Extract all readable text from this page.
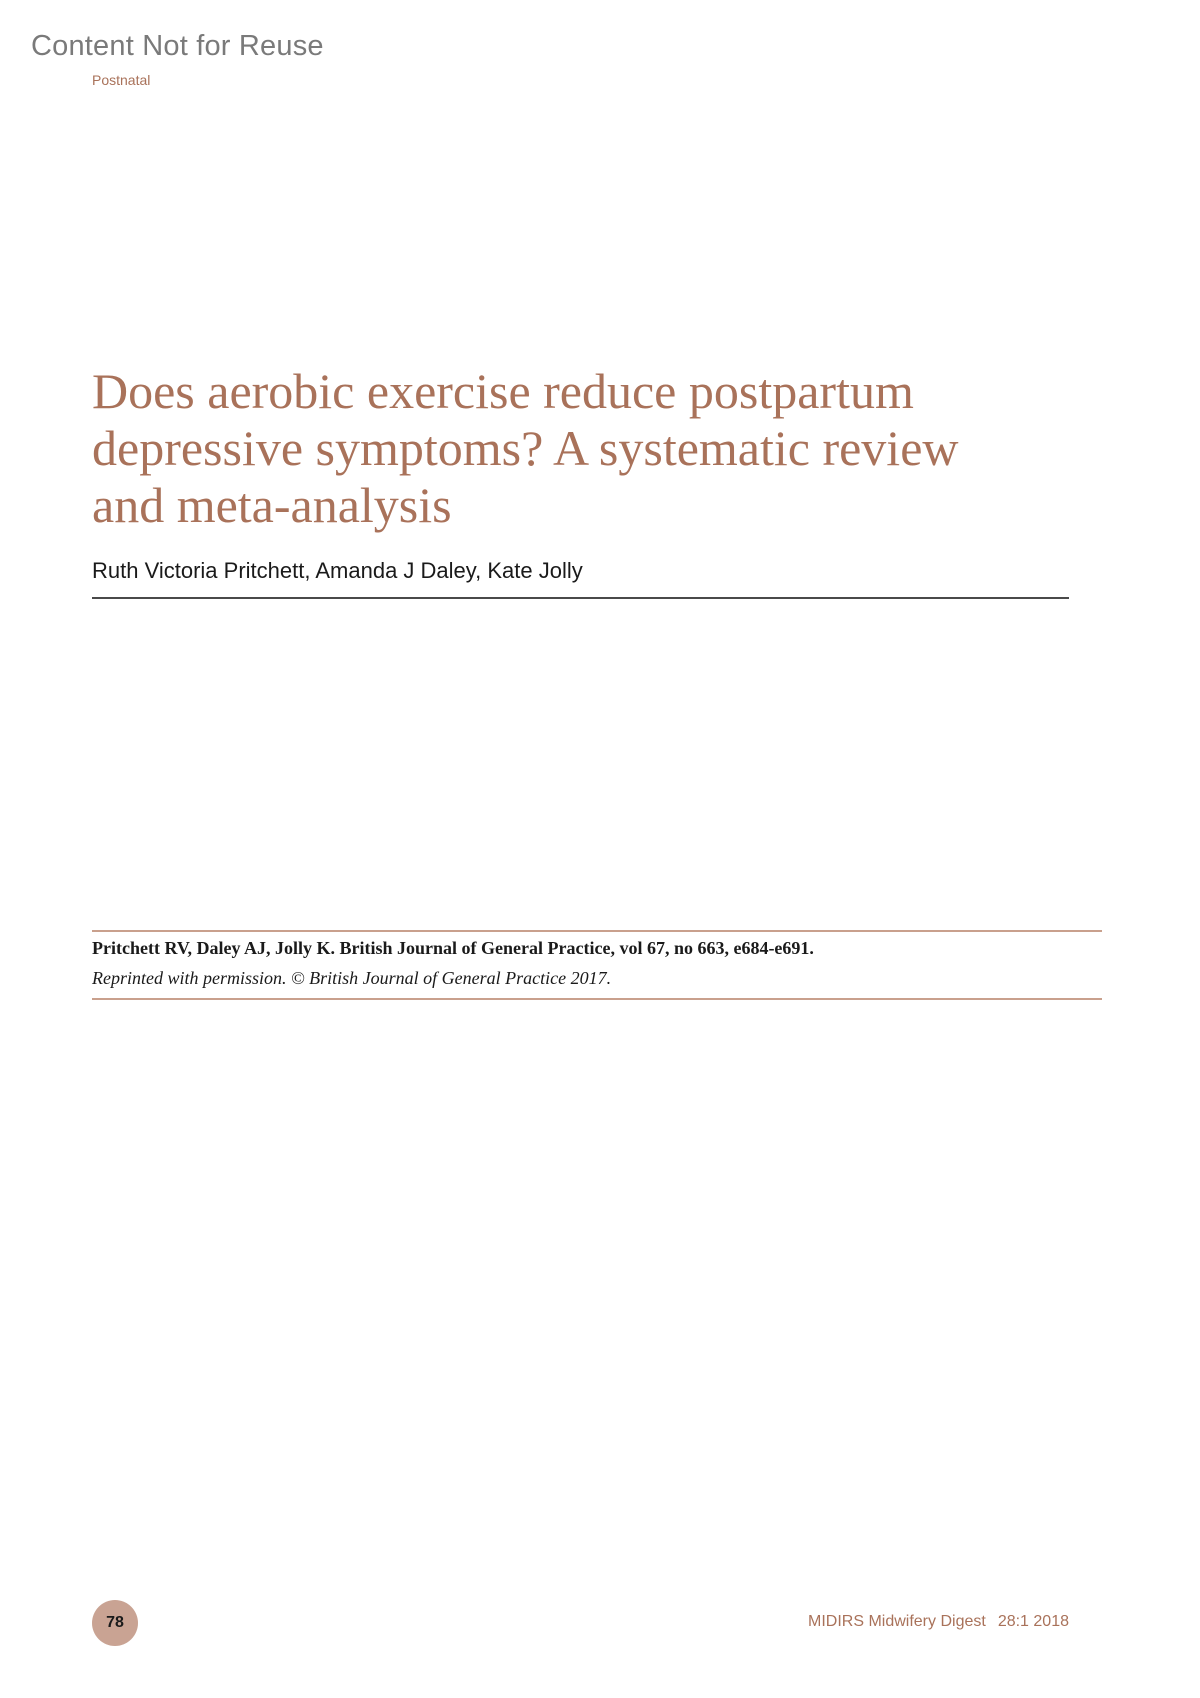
Content Not for Reuse
Postnatal
Does aerobic exercise reduce postpartum
depressive symptoms? A systematic review
and meta-analysis
Ruth Victoria Pritchett, Amanda J Daley, Kate Jolly
Pritchett RV, Daley AJ, Jolly K. British Journal of General Practice, vol 67, no 663, e684-e691.
Reprinted with permission. © British Journal of General Practice 2017.
78	MIDIRS Midwifery Digest 28:1 2018
